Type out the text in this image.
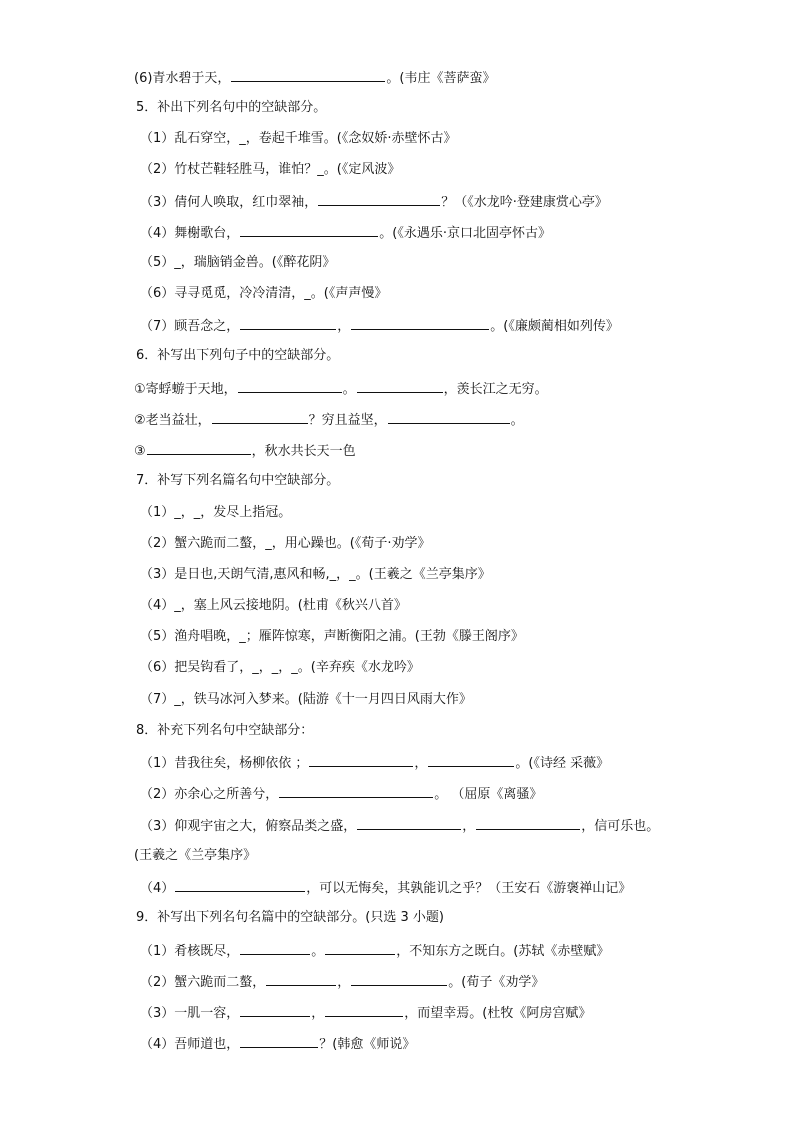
(6)青水碧于天，	。(韦庄《菩萨蛮》
5．补出下列名句中的空缺部分。
（1）乱石穿空，_，卷起千堆雪。(《念奴娇·赤壁怀古》
（2）竹杖芒鞋轻胜马，谁怕？_。(《定风波》
（3）倩何人唤取，红巾翠袖，	？（《水龙吟·登建康赏心亭》
（4）舞榭歌台，	。(《永遇乐·京口北固亭怀古》
（5）_，瑞脑销金兽。(《醉花阴》
（6）寻寻觅觅，冷冷清清，_。(《声声慢》
（7）顾吾念之，	，	。(《廉颇蔺相如列传》
6．补写出下列句子中的空缺部分。
①寄蜉蝣于天地，	。	，羡长江之无穷。
②老当益壮，	？穷且益坚，	。
③	，秋水共长天一色
7．补写下列名篇名句中空缺部分。
（1）_，_，发尽上指冠。
（2）蟹六跪而二螯，_，用心躁也。(《荀子·劝学》
（3）是日也,天朗气清,惠风和畅,_，_。(王羲之《兰亭集序》
（4）_，塞上风云接地阴。(杜甫《秋兴八首》
（5）渔舟唱晚，_；雁阵惊寒，声断衡阳之浦。(王勃《滕王阁序》
（6）把吴钩看了，_，_，_。(辛弃疾《水龙吟》
（7）_，铁马冰河入梦来。(陆游《十一月四日风雨大作》
8．补充下列名句中空缺部分：
（1）昔我往矣，杨柳依依 ；	，	。(《诗经 采薇》
（2）亦余心之所善兮，	。 （屈原《离骚》
（3）仰观宇宙之大，俯察品类之盛，	，	，信可乐也。
(王羲之《兰亭集序》
（4）	，可以无悔矣，其孰能讥之乎？（王安石《游褒禅山记》
9．补写出下列名句名篇中的空缺部分。(只选 3 小题)
（1）肴核既尽，	。	，不知东方之既白。(苏轼《赤壁赋》
（2）蟹六跪而二螯，	，	。(荀子《劝学》
（3）一肌一容，	，	，而望幸焉。(杜牧《阿房宫赋》
（4）吾师道也，	？(韩愈《师说》
